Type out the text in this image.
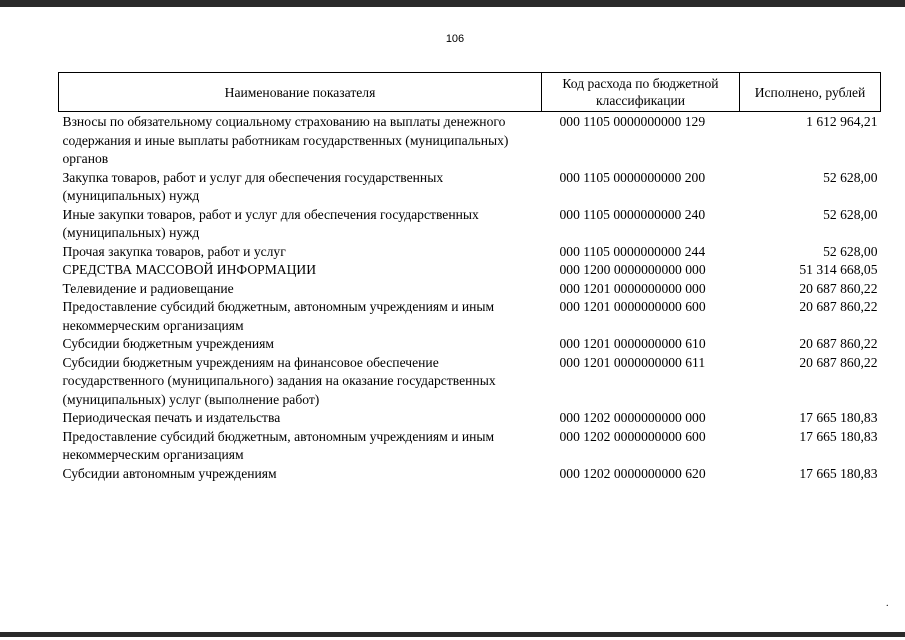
106
Наименование показателя	Код расхода по бюджетной классификации	Исполнено, рублей
Взносы по обязательному социальному страхованию на выплаты денежного содержания и иные выплаты работникам государственных (муниципальных) органов	000 1105 0000000000 129	1 612 964,21
Закупка товаров, работ и услуг для обеспечения государственных (муниципальных) нужд	000 1105 0000000000 200	52 628,00
Иные закупки товаров, работ и услуг для обеспечения государственных (муниципальных) нужд	000 1105 0000000000 240	52 628,00
Прочая закупка товаров, работ и услуг	000 1105 0000000000 244	52 628,00
СРЕДСТВА МАССОВОЙ ИНФОРМАЦИИ	000 1200 0000000000 000	51 314 668,05
Телевидение и радиовещание	000 1201 0000000000 000	20 687 860,22
Предоставление субсидий бюджетным, автономным учреждениям и иным некоммерческим организациям	000 1201 0000000000 600	20 687 860,22
Субсидии бюджетным учреждениям	000 1201 0000000000 610	20 687 860,22
Субсидии бюджетным учреждениям на финансовое обеспечение государственного (муниципального) задания на оказание государственных (муниципальных) услуг (выполнение работ)	000 1201 0000000000 611	20 687 860,22
Периодическая печать и издательства	000 1202 0000000000 000	17 665 180,83
Предоставление субсидий бюджетным, автономным учреждениям и иным некоммерческим организациям	000 1202 0000000000 600	17 665 180,83
Субсидии автономным учреждениям	000 1202 0000000000 620	17 665 180,83
.
